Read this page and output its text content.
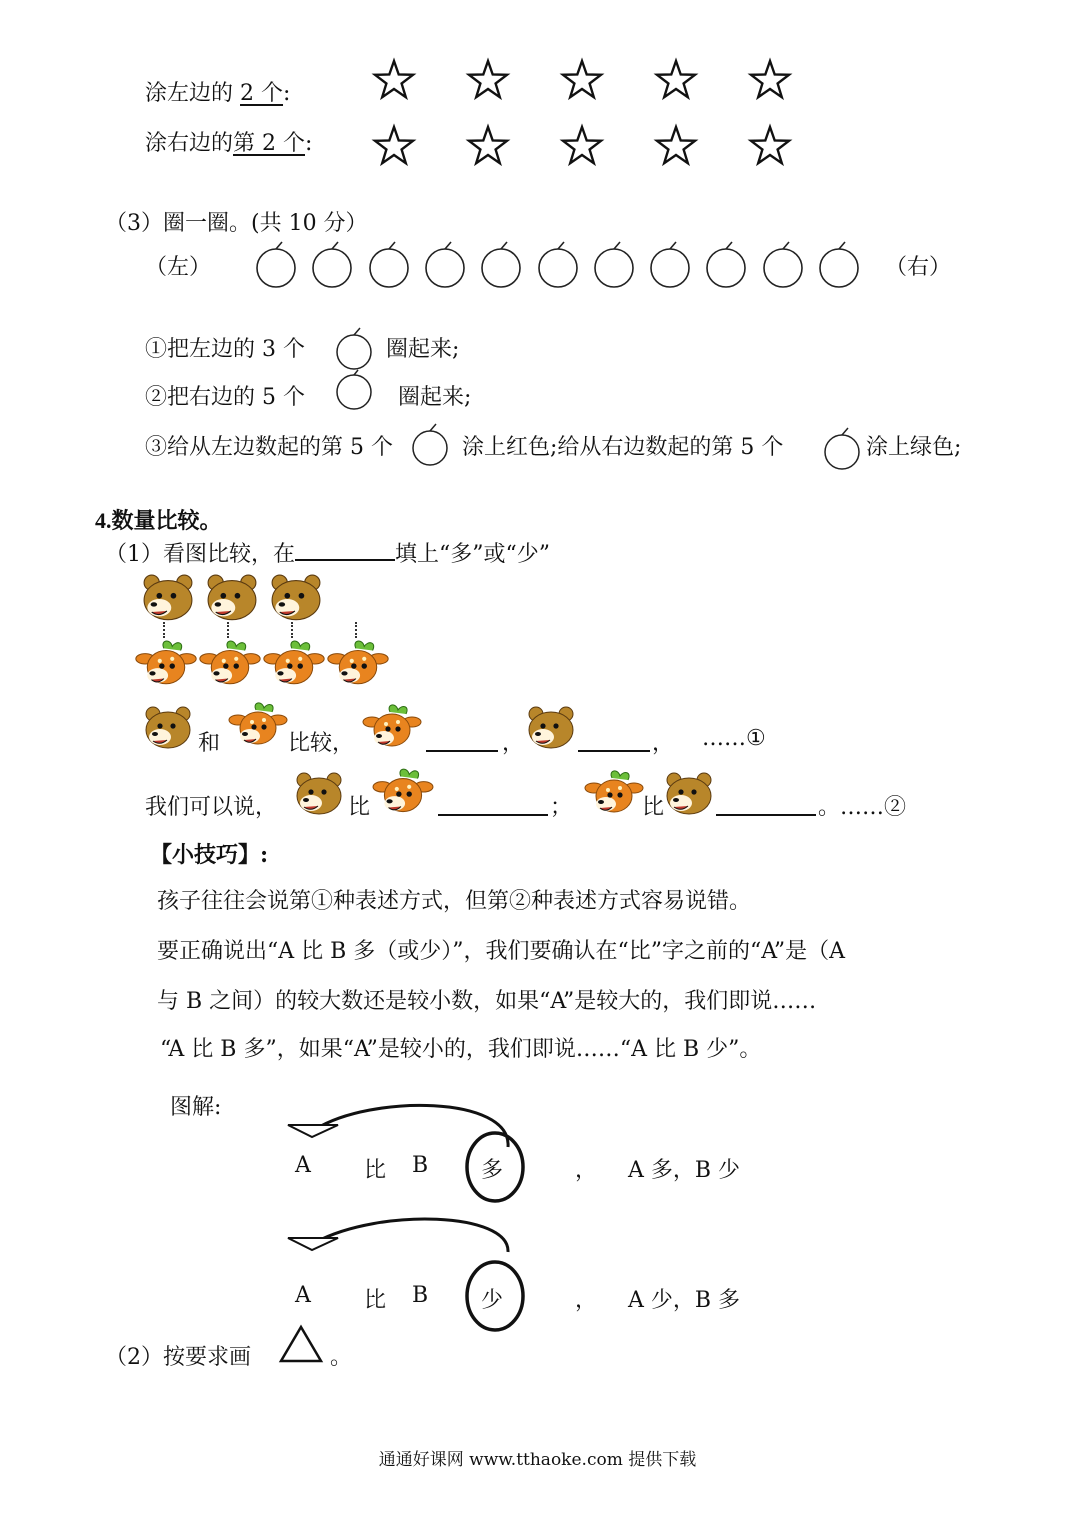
涂左边的 2 个:
涂右边的第 2 个:
（3）圈一圈。(共 10 分）
（左）	（右）
①把左边的 3 个	圈起来;
②把右边的 5 个	圈起来;
③给从左边数起的第 5 个	涂上红色;给从右边数起的第 5 个	涂上绿色;
4.数量比较。
（1）看图比较，在	填上“多”或“少”
和	比较，	，	， ……①
我们可以说，	比	；	比	。……②
【小技巧】:
孩子往往会说第①种表述方式，但第②种表述方式容易说错。
要正确说出“A 比 B 多（或少）”，我们要确认在“比”字之前的“A”是（A
与 B 之间）的较大数还是较小数，如果“A”是较大的，我们即说……
“A 比 B 多”，如果“A”是较小的，我们即说……“A 比 B 少”。
图解:
A 比 B 多	， A 多，B 少
A 比 B 少	， A 少，B 多
（2）按要求画	。
通通好课网 www.tthaoke.com 提供下载
